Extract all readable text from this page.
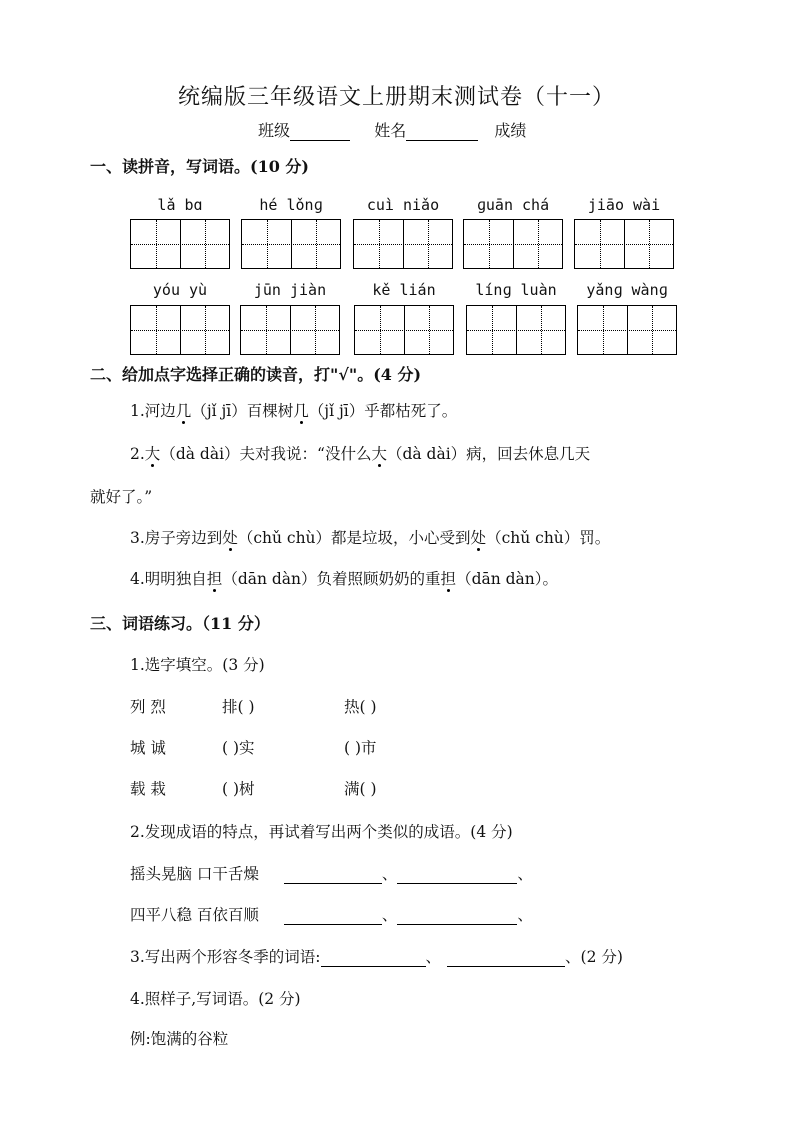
统编版三年级语文上册期末测试卷（十一）
班级	姓名	成绩
一、读拼音，写词语。(10 分)
lǎ bɑ	hé lǒnɡ	cuì niǎo	ɡuān chá	jiāo wài
yóu yù	jūn jiàn	kě lián	línɡ luàn	yǎnɡ wànɡ
二、给加点字选择正确的读音，打"√"。(4 分)
1.河边几（jǐ jī）百棵树几（jǐ jī）乎都枯死了。
2.大（dà dài）夫对我说：“没什么大（dà dài）病，回去休息几天
就好了。”
3.房子旁边到处（chǔ chù）都是垃圾，小心受到处（chǔ chù）罚。
4.明明独自担（dān dàn）负着照顾奶奶的重担（dān dàn）。
三、词语练习。（11 分）
1.选字填空。(3 分)
列 烈	排( )	热( )
城 诚	( )实	( )市
载 栽	( )树	满( )
2.发现成语的特点，再试着写出两个类似的成语。(4 分)
摇头晃脑 口干舌燥	、	、
四平八稳 百依百顺	、	、
3.写出两个形容冬季的词语:	、	、(2 分)
4.照样子,写词语。(2 分)
例:饱满的谷粒
